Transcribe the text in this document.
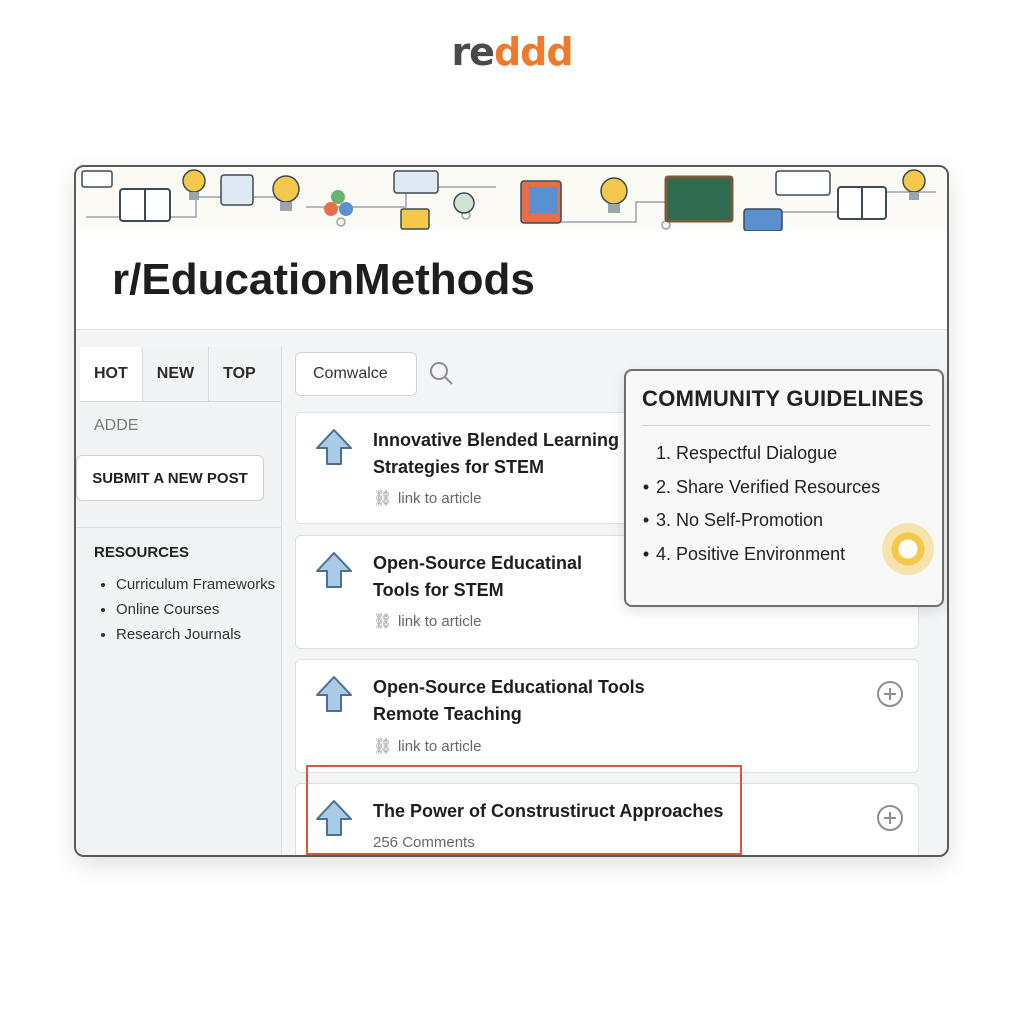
reddd
r/EducationMethods
HOT	NEW	TOP
ADDE
SUBMIT A NEW POST
RESOURCES
• Curriculum Frameworks
• Online Courses
• Research Journals
Comwalce
Innovative Blended Learning Strategies for STEM
⛓ link to article
Open-Source Educatinal Tools for STEM
⛓ link to article
Open-Source Educational Tools Remote Teaching
⛓ link to article
The Power of Construstiruct Approaches
256 Comments
COMMUNITY GUIDELINES
1. Respectful Dialogue
• 2. Share Verified Resources
• 3. No Self-Promotion
• 4. Positive Environment
